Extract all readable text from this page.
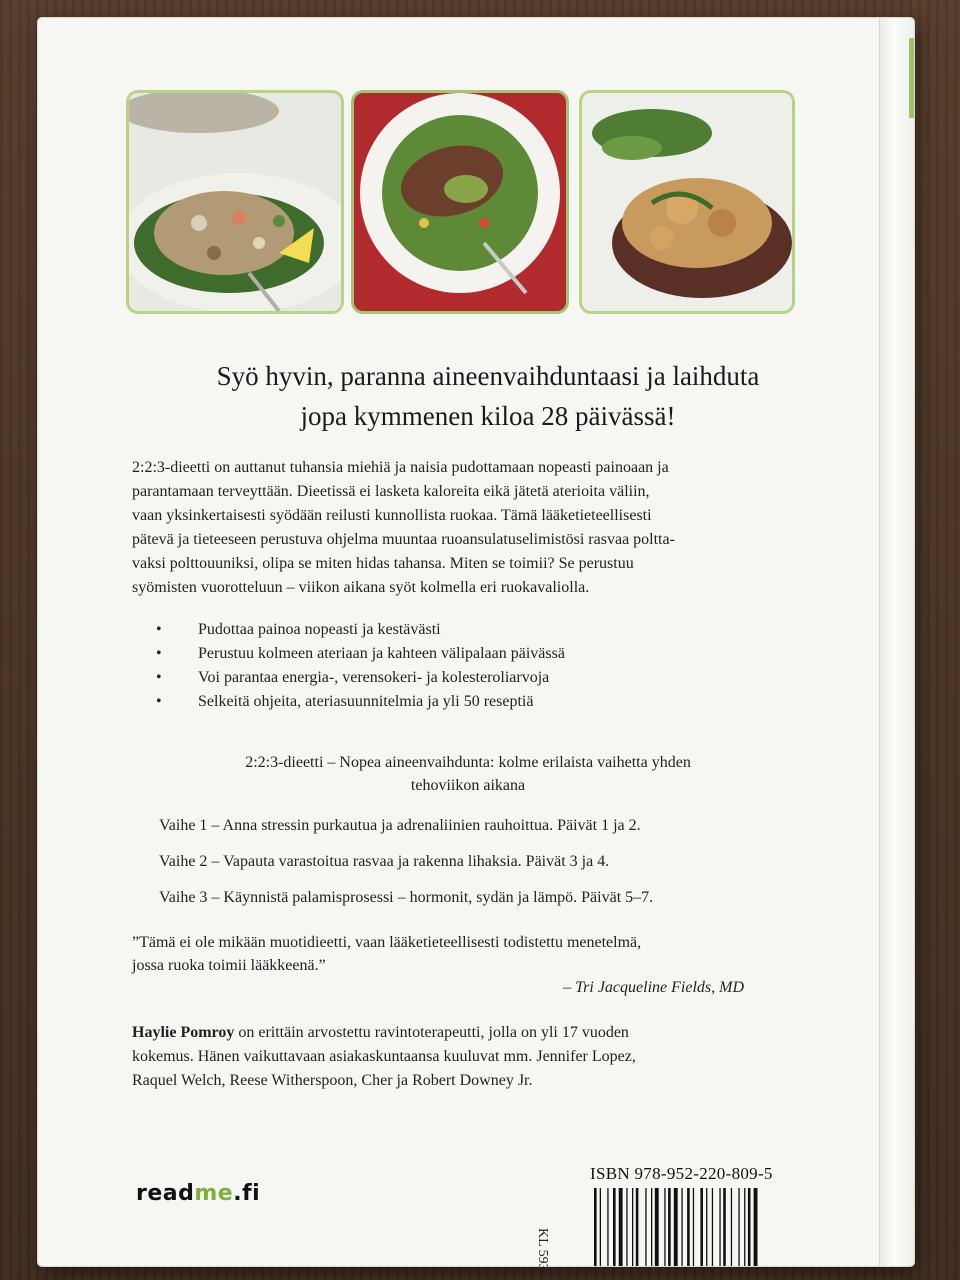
Syö hyvin, paranna aineenvaihduntaasi ja laihduta
jopa kymmenen kiloa 28 päivässä!
2:2:3-dieetti on auttanut tuhansia miehiä ja naisia pudottamaan nopeasti painoaan ja
parantamaan terveyttään. Dieetissä ei lasketa kaloreita eikä jätetä aterioita väliin,
vaan yksinkertaisesti syödään reilusti kunnollista ruokaa. Tämä lääketieteellisesti
pätevä ja tieteeseen perustuva ohjelma muuntaa ruoansulatuselimistösi rasvaa poltta-
vaksi polttouuniksi, olipa se miten hidas tahansa. Miten se toimii? Se perustuu
syömisten vuorotteluun – viikon aikana syöt kolmella eri ruokavaliolla.
• Pudottaa painoa nopeasti ja kestävästi
• Perustuu kolmeen ateriaan ja kahteen välipalaan päivässä
• Voi parantaa energia-, verensokeri- ja kolesteroliarvoja
• Selkeitä ohjeita, ateriasuunnitelmia ja yli 50 reseptiä
2:2:3-dieetti – Nopea aineenvaihdunta: kolme erilaista vaihetta yhden
tehoviikon aikana
Vaihe 1 – Anna stressin purkautua ja adrenaliinien rauhoittua. Päivät 1 ja 2.
Vaihe 2 – Vapauta varastoitua rasvaa ja rakenna lihaksia. Päivät 3 ja 4.
Vaihe 3 – Käynnistä palamisprosessi – hormonit, sydän ja lämpö. Päivät 5–7.
”Tämä ei ole mikään muotidieetti, vaan lääketieteellisesti todistettu menetelmä,
jossa ruoka toimii lääkkeenä.”
– Tri Jacqueline Fields, MD
Haylie Pomroy on erittäin arvostettu ravintoterapeutti, jolla on yli 17 vuoden
kokemus. Hänen vaikuttavaan asiakaskuntaansa kuuluvat mm. Jennifer Lopez,
Raquel Welch, Reese Witherspoon, Cher ja Robert Downey Jr.
readme.fi
ISBN 978-952-220-809-5
KL 5934
